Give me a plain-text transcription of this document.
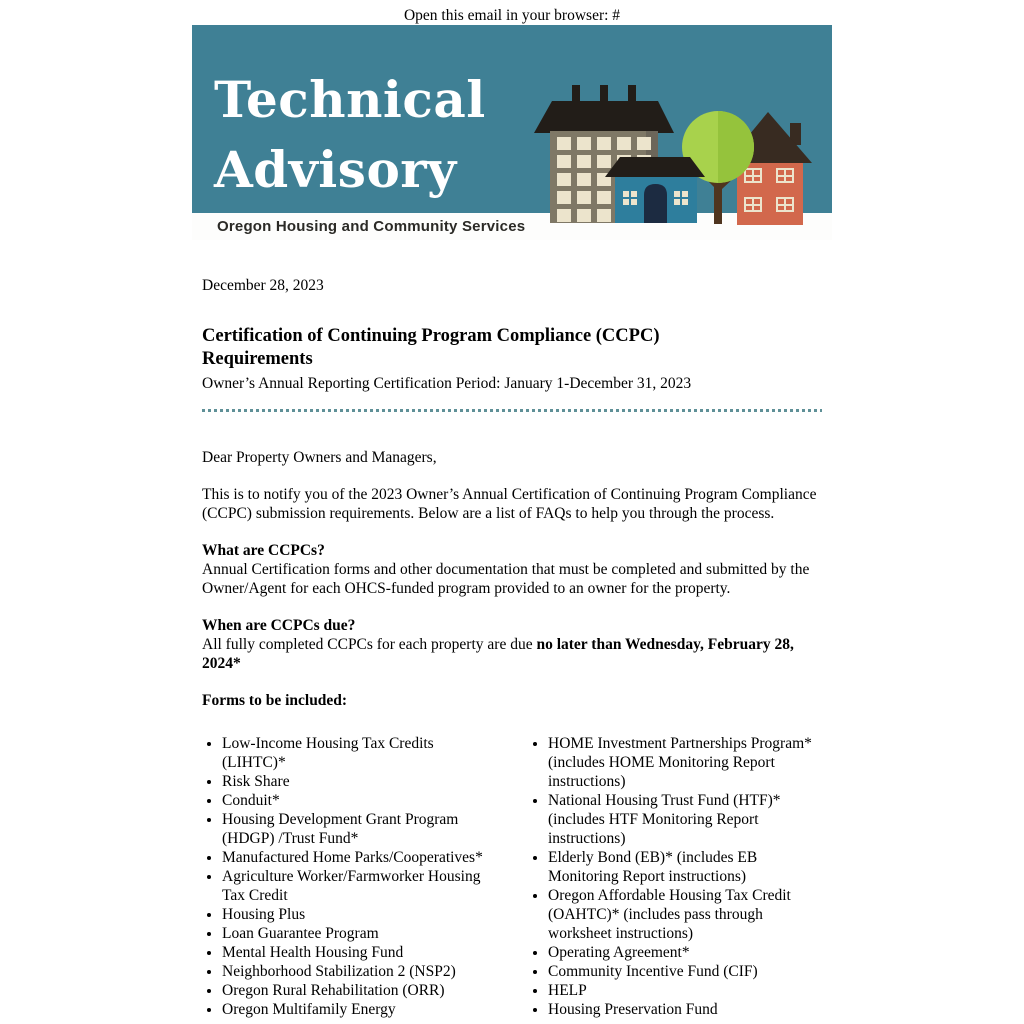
Open this email in your browser: #
Technical
Advisory
Oregon Housing and Community Services

December 28, 2023

Certification of Continuing Program Compliance (CCPC) Requirements

Owner’s Annual Reporting Certification Period: January 1-December 31, 2023

Dear Property Owners and Managers,

This is to notify you of the 2023 Owner’s Annual Certification of Continuing Program Compliance (CCPC) submission requirements. Below are a list of FAQs to help you through the process.

What are CCPCs?
Annual Certification forms and other documentation that must be completed and submitted by the Owner/Agent for each OHCS-funded program provided to an owner for the property.

When are CCPCs due?
All fully completed CCPCs for each property are due no later than Wednesday, February 28, 2024*

Forms to be included:

• Low-Income Housing Tax Credits (LIHTC)*
• Risk Share
• Conduit*
• Housing Development Grant Program (HDGP) /Trust Fund*
• Manufactured Home Parks/Cooperatives*
• Agriculture Worker/Farmworker Housing Tax Credit
• Housing Plus
• Loan Guarantee Program
• Mental Health Housing Fund
• Neighborhood Stabilization 2 (NSP2)
• Oregon Rural Rehabilitation (ORR)
• Oregon Multifamily Energy
• HOME Investment Partnerships Program* (includes HOME Monitoring Report instructions)
• National Housing Trust Fund (HTF)* (includes HTF Monitoring Report instructions)
• Elderly Bond (EB)* (includes EB Monitoring Report instructions)
• Oregon Affordable Housing Tax Credit (OAHTC)* (includes pass through worksheet instructions)
• Operating Agreement*
• Community Incentive Fund (CIF)
• HELP
• Housing Preservation Fund
